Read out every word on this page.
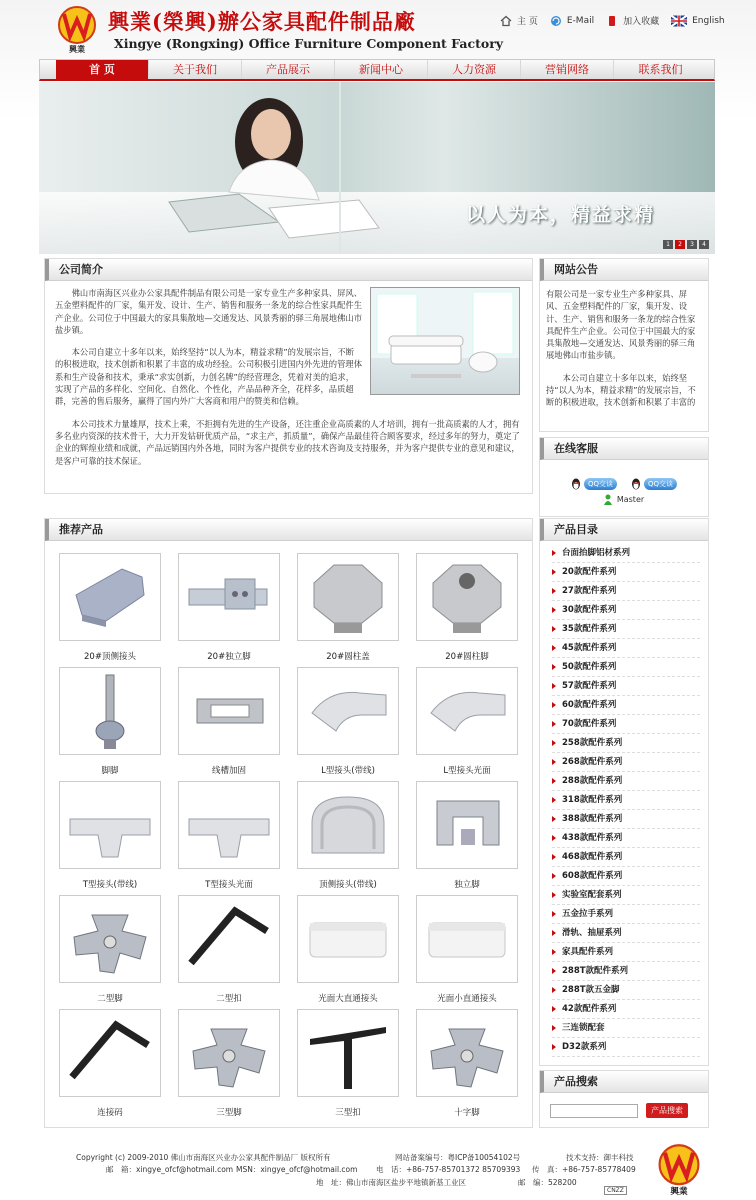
興業
興業(榮興)辦公家具配件制品廠
Xingye (Rongxing) Office Furniture Component Factory
主 页	E-Mail	加入收藏	English
首 页	关于我们	产品展示	新闻中心	人力资源	营销网络	联系我们
以人为本，精益求精
1	2	3	4
公司简介

佛山市南海区兴业办公家具配件制品有限公司是一家专业生产多种家具、屏风、五金塑料配件的厂家，集开发、设计、生产、销售和服务一条龙的综合性家具配件生产企业。公司位于中国最大的家具集散地—交通发达、风景秀丽的驿三角展地佛山市盐步镇。

本公司自建立十多年以来，始终坚持“以人为本，精益求精”的发展宗旨，不断的积极进取，技术创新和积累了丰富的成功经验。公司积极引进国内外先进的管理体系和生产设备和技术，秉承“求实创新，力创名牌”的经营理念，凭着对美的追求，实现了产品的多样化、空间化、自然化、个性化，产品品种齐全，花样多，品质超群，完善的售后服务，赢得了国内外广大客商和用户的赞美和信赖。

本公司技术力量雄厚，技术上乘，不拒拥有先进的生产设备，还注重企业高质素的人才培训，拥有一批高质素的人才，拥有多名业内资深的技术骨干，大力开发钻研优质产品，“求主产，抓质量”，确保产品最佳符合顾客要求，经过多年的努力，奠定了企业的辉煌业绩和成就，产品远销国内外各地，同时为客户提供专业的技术咨询及支持服务，并为客户提供专业的意见和建议，是客户可靠的技术保证。

网站公告

有限公司是一家专业生产多种家具、屏风、五金塑料配件的厂家，集开发、设计、生产、销售和服务一条龙的综合性家具配件生产企业。公司位于中国最大的家具集散地—交通发达、风景秀丽的驿三角展地佛山市盐步镇。

本公司自建立十多年以来，始终坚持“以人为本，精益求精”的发展宗旨，不断的积极进取，技术创新和积累了丰富的

在线客服
QQ交谈	QQ交谈
Master
推荐产品
20#顶侧接头	20#独立脚	20#圆柱盖	20#圆柱脚
脚脚	线槽加固	L型接头(带线)	L型接头光面
T型接头(带线)	T型接头光面	顶侧接头(带线)	独立脚
二型脚	二型扣	光面大直通接头	光面小直通接头
连接码	三型脚	三型扣	十字脚
产品目录
台面抬脚铝材系列
20款配件系列
27款配件系列
30款配件系列
35款配件系列
45款配件系列
50款配件系列
57款配件系列
60款配件系列
70款配件系列
258款配件系列
268款配件系列
288款配件系列
318款配件系列
388款配件系列
438款配件系列
468款配件系列
608款配件系列
实验室配套系列
五金拉手系列
滑轨、抽屉系列
家具配件系列
288T款配件系列
288T款五金脚
42款配件系列
三连锁配套
D32款系列
产品搜索
产品搜索
Copyright (c) 2009-2010 佛山市南海区兴业办公家具配件制品厂 版权所有	网站备案编号：粤ICP备10054102号	技术支持：御丰科技
邮　箱：xingye_ofcf@hotmail.com MSN：xingye_ofcf@hotmail.com 电　话：+86-757-85701372 85709393 传　真：+86-757-85778409
地　址：佛山市南海区盐步平地镇新基工业区	邮　编：528200
CNZZ	興業
